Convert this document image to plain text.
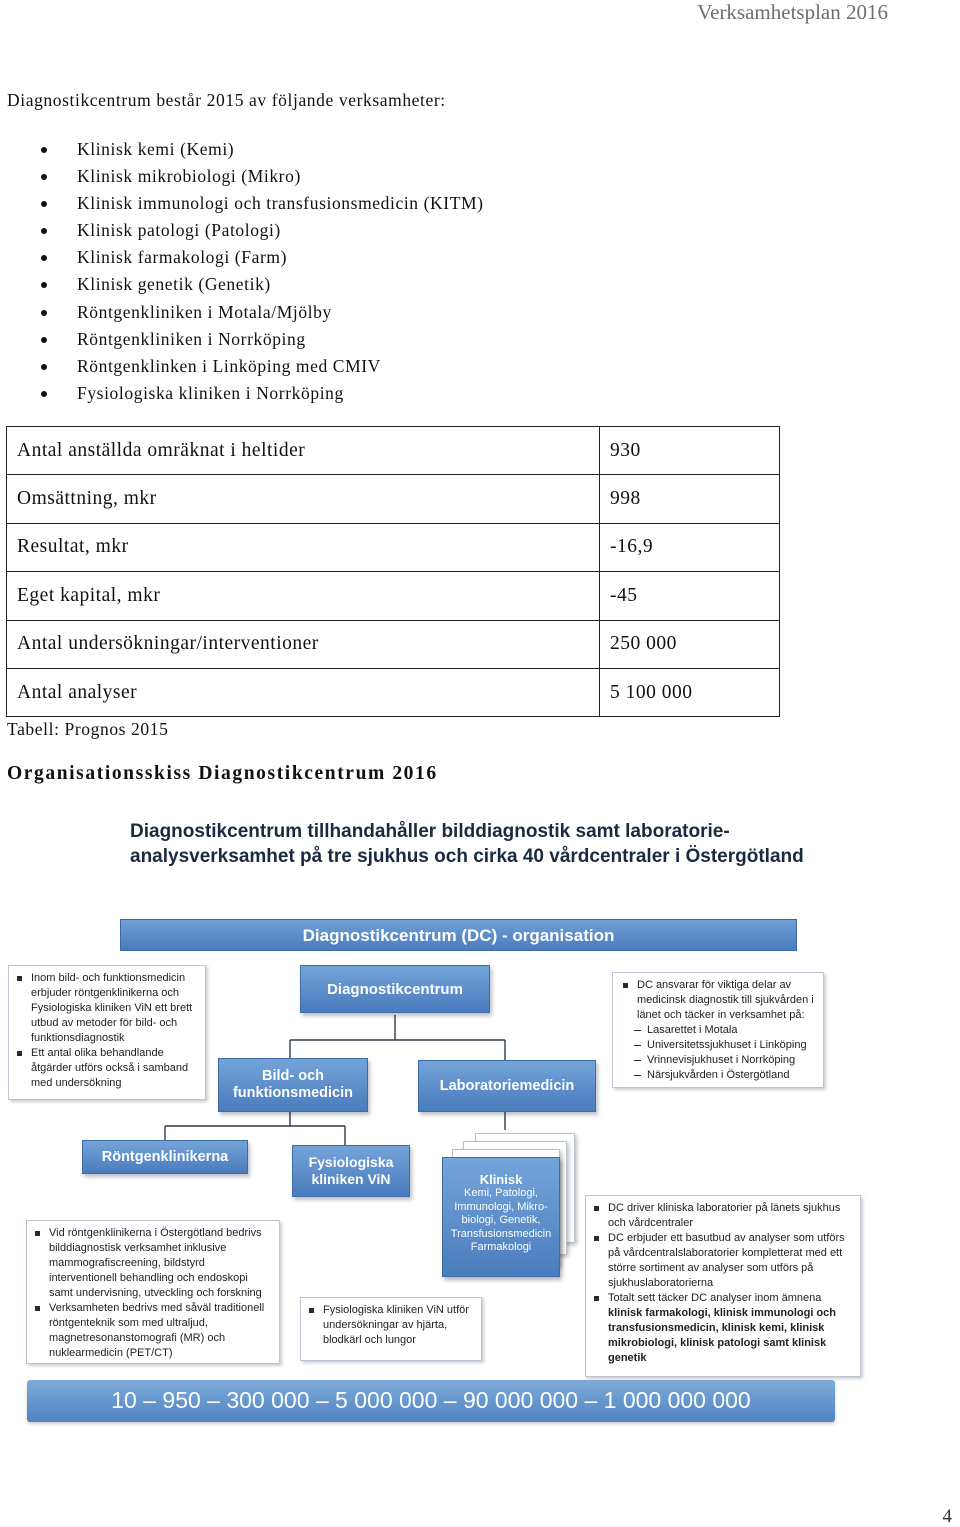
Verksamhetsplan 2016
Diagnostikcentrum består 2015 av följande verksamheter:
Klinisk kemi (Kemi)
Klinisk mikrobiologi (Mikro)
Klinisk immunologi och transfusionsmedicin (KITM)
Klinisk patologi (Patologi)
Klinisk farmakologi (Farm)
Klinisk genetik (Genetik)
Röntgenkliniken i Motala/Mjölby
Röntgenkliniken i Norrköping
Röntgenklinken i Linköping med CMIV
Fysiologiska kliniken i Norrköping
Antal anställda omräknat i heltider	930
Omsättning, mkr	998
Resultat, mkr	-16,9
Eget kapital, mkr	-45
Antal undersökningar/interventioner	250 000
Antal analyser	5 100 000
Tabell: Prognos 2015
Organisationsskiss Diagnostikcentrum 2016
Diagnostikcentrum tillhandahåller bilddiagnostik samt laboratorie-analysverksamhet på tre sjukhus och cirka 40 vårdcentraler i Östergötland
Diagnostikcentrum (DC) - organisation
Inom bild- och funktionsmedicin erbjuder röntgenklinikerna och Fysiologiska kliniken ViN ett brett utbud av metoder för bild- och funktionsdiagnostik
Ett antal olika behandlande åtgärder utförs också i samband med undersökning
Diagnostikcentrum	DC ansvarar för viktiga delar av medicinsk diagnostik till sjukvården i länet och täcker in verksamhet på:
Lasarettet i Motala
Universitetssjukhuset i Linköping
Vrinnevisjukhuset i Norrköping
Närsjukvården i Östergötland
Bild- och funktionsmedicin	Laboratoriemedicin
Röntgenklinikerna	Fysiologiska kliniken ViN	Klinisk
Kemi, Patologi, Immunologi, Mikro-biologi, Genetik, Transfusionsmedicin Farmakologi
Vid röntgenklinikerna i Östergötland bedrivs bilddiagnostisk verksamhet inklusive mammografiscreening, bildstyrd interventionell behandling och endoskopi samt undervisning, utveckling och forskning
Verksamheten bedrivs med såväl traditionell röntgenteknik som med ultraljud, magnetresonanstomografi (MR) och nuklearmedicin (PET/CT)
Fysiologiska kliniken ViN utför undersökningar av hjärta, blodkärl och lungor
DC driver kliniska laboratorier på länets sjukhus och vårdcentraler
DC erbjuder ett basutbud av analyser som utförs på vårdcentralslaboratorier kompletterat med ett större sortiment av analyser som utförs på sjukhuslaboratorierna
Totalt sett täcker DC analyser inom ämnena klinisk farmakologi, klinisk immunologi och transfusionsmedicin, klinisk kemi, klinisk mikrobiologi, klinisk patologi samt klinisk genetik
10 – 950 – 300 000 – 5 000 000 – 90 000 000 – 1 000 000 000
4
